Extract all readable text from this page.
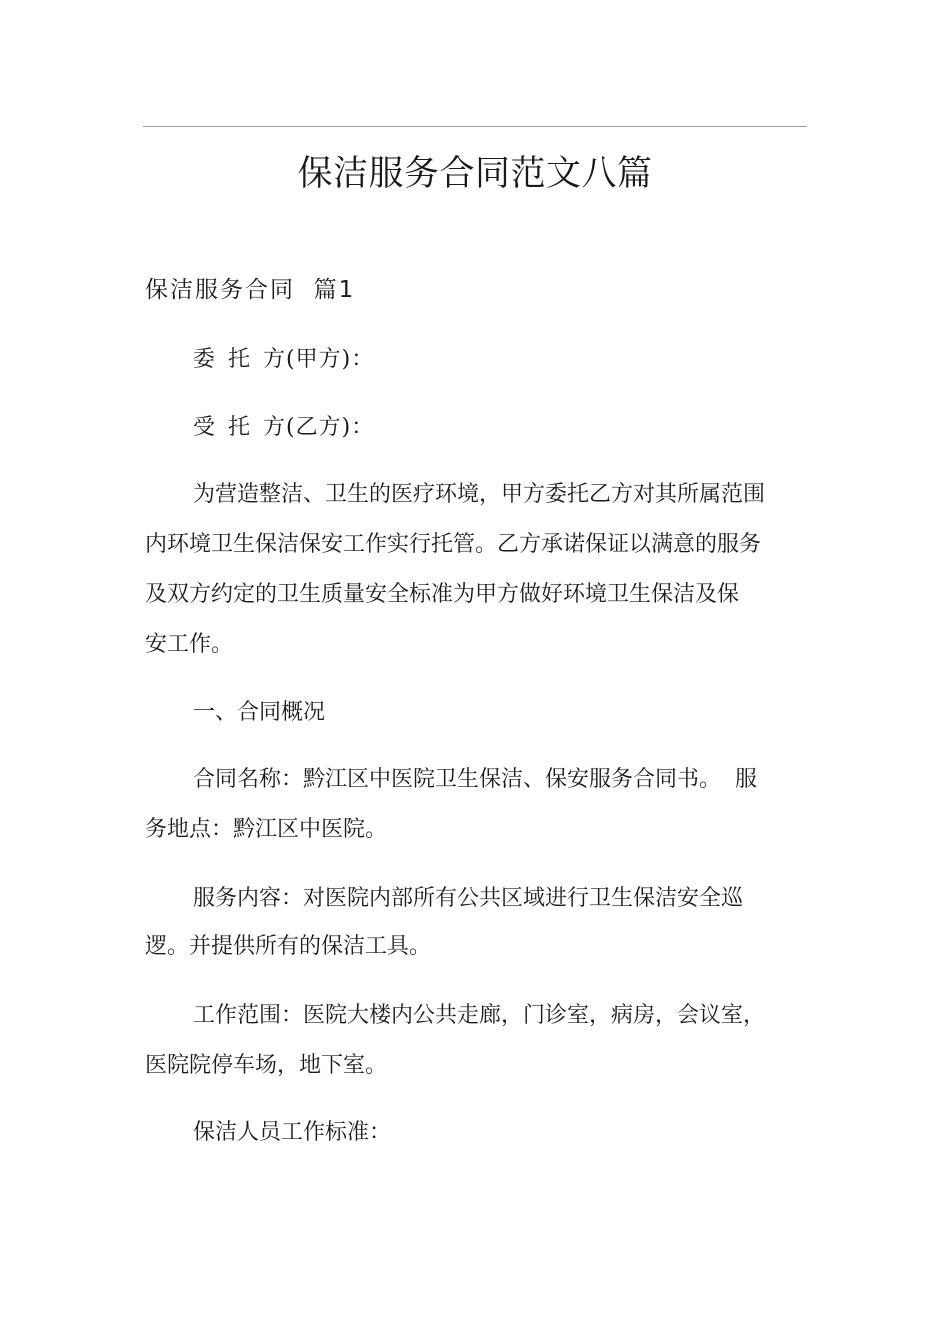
保洁服务合同范文八篇
保洁服务合同  篇1
委 托 方(甲方)：
受 托 方(乙方)：
为营造整洁、卫生的医疗环境，甲方委托乙方对其所属范围
内环境卫生保洁保安工作实行托管。乙方承诺保证以满意的服务
及双方约定的卫生质量安全标准为甲方做好环境卫生保洁及保
安工作。
一、合同概况
合同名称：黔江区中医院卫生保洁、保安服务合同书。  服
务地点：黔江区中医院。
服务内容：对医院内部所有公共区域进行卫生保洁安全巡
逻。并提供所有的保洁工具。
工作范围：医院大楼内公共走廊，门诊室，病房，会议室，
医院院停车场，地下室。
保洁人员工作标准：
